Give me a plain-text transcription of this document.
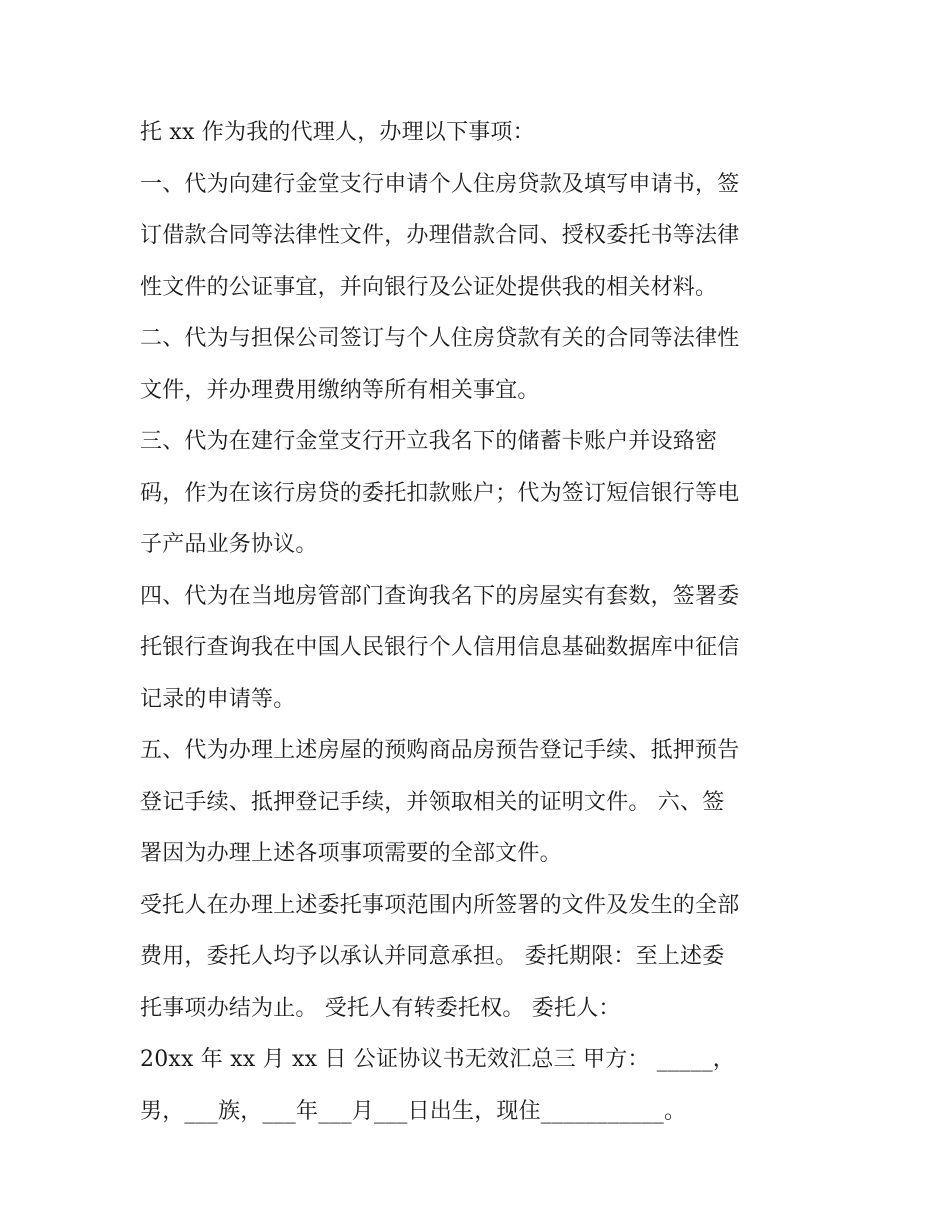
托 xx 作为我的代理人，办理以下事项：
一、代为向建行金堂支行申请个人住房贷款及填写申请书，签
订借款合同等法律性文件，办理借款合同、授权委托书等法律
性文件的公证事宜，并向银行及公证处提供我的相关材料。
二、代为与担保公司签订与个人住房贷款有关的合同等法律性
文件，并办理费用缴纳等所有相关事宜。
三、代为在建行金堂支行开立我名下的储蓄卡账户并设臵密
码，作为在该行房贷的委托扣款账户；代为签订短信银行等电
子产品业务协议。
四、代为在当地房管部门查询我名下的房屋实有套数，签署委
托银行查询我在中国人民银行个人信用信息基础数据库中征信
记录的申请等。
五、代为办理上述房屋的预购商品房预告登记手续、抵押预告
登记手续、抵押登记手续，并领取相关的证明文件。 六、签
署因为办理上述各项事项需要的全部文件。
受托人在办理上述委托事项范围内所签署的文件及发生的全部
费用，委托人均予以承认并同意承担。 委托期限：至上述委
托事项办结为止。 受托人有转委托权。 委托人：
20xx 年 xx 月 xx 日 公证协议书无效汇总三 甲方： _____，
男，___族，___年___月___日出生，现住___________。
